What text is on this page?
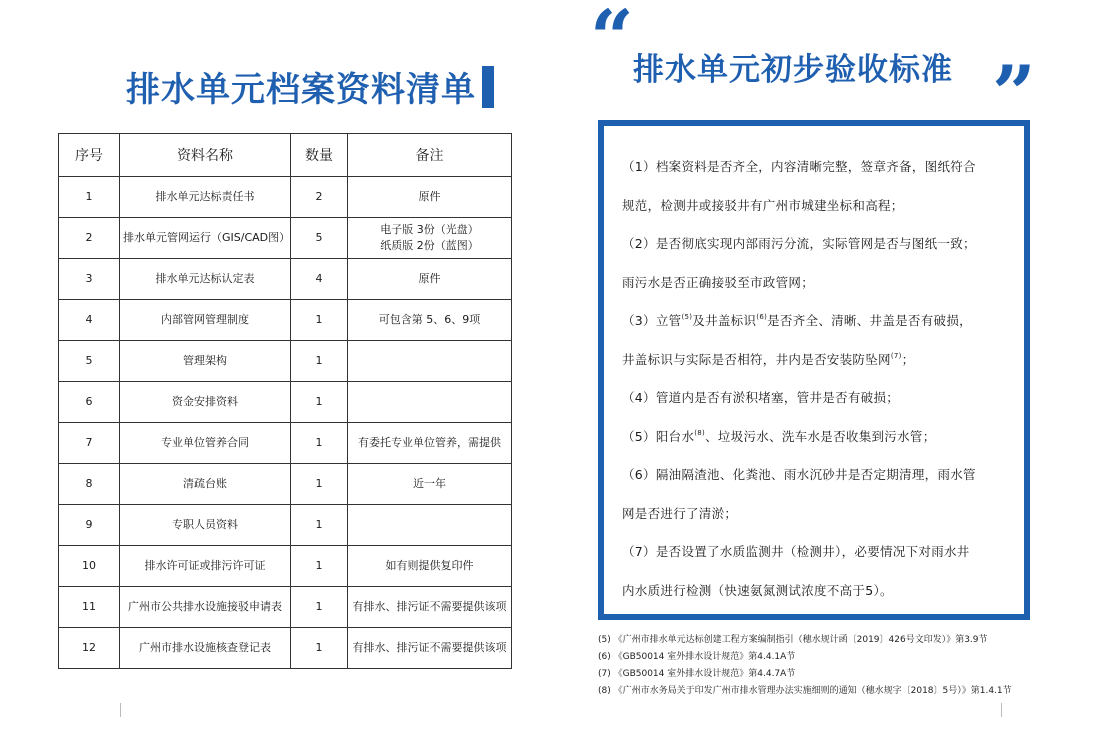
排水单元档案资料清单
序号	资料名称	数量	备注
1	排水单元达标责任书	2	原件
2	排水单元管网运行（GIS/CAD图）	5	电子版 3份（光盘）
纸质版 2份（蓝图）

3	排水单元达标认定表	4	原件
4	内部管网管理制度	1	可包含第 5、6、9项
5	管理架构	1	
6	资金安排资料	1	
7	专业单位管养合同	1	有委托专业单位管养，需提供
8	清疏台账	1	近一年
9	专职人员资料	1	
10	排水许可证或排污许可证	1	如有则提供复印件
11	广州市公共排水设施接驳申请表	1	有排水、排污证不需要提供该项
12	广州市排水设施核查登记表	1	有排水、排污证不需要提供该项
“ 排水单元初步验收标准 ”
（1）档案资料是否齐全，内容清晰完整，签章齐备，图纸符合
规范，检测井或接驳井有广州市城建坐标和高程；
（2）是否彻底实现内部雨污分流，实际管网是否与图纸一致；
雨污水是否正确接驳至市政管网；
（3）立管$^{(5)}$及井盖标识$^{(6)}$是否齐全、清晰、井盖是否有破损，
井盖标识与实际是否相符，井内是否安装防坠网$^{(7)}$；
（4）管道内是否有淤积堵塞，管井是否有破损；
（5）阳台水$^{(8)}$、垃圾污水、洗车水是否收集到污水管；
（6）隔油隔渣池、化粪池、雨水沉砂井是否定期清理，雨水管
网是否进行了清淤；
（7）是否设置了水质监测井（检测井），必要情况下对雨水井
内水质进行检测（快速氨氮测试浓度不高于5）。
(5) 《广州市排水单元达标创建工程方案编制指引（穗水规计函〔2019〕426号文印发）》第3.9节
(6) 《GB50014 室外排水设计规范》第4.4.1A节
(7) 《GB50014 室外排水设计规范》第4.4.7A节
(8) 《广州市水务局关于印发广州市排水管理办法实施细则的通知（穗水规字〔2018〕5号）》第1.4.1节
